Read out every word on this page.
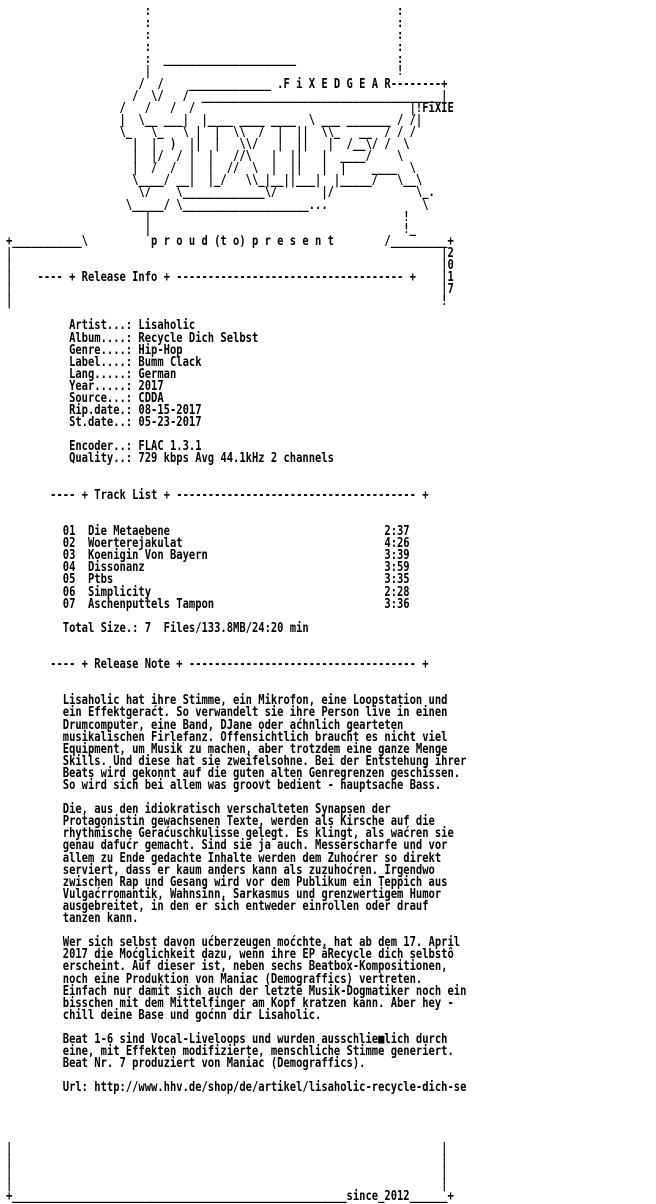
:                                       :
:                                       :
:                                       :
:                                       :
:  _____________________                :
|                                       !
/  /    _____________ .F i X E D G E A R--------+
/  \/   /  ______________________________________|
/   /   /  /                                  |!FiXIE
|  \__ ___|  |____ ____ ____  \ ___ _______ / /|
\_   \_   \ |  |  \\  /  |  ||  \\_   __  / / /
|  |  )  ||  |   \\/   |  ||   |  /__\/ /  \
|  |/  / |  |   //\   |  ||   |  ____/    \
|  /  /  |  |  //  \  |  ||   |  |    ____  \
\____/ __|  |_/   \\_|__||___|  |_____/   \__\
\/    \_____________\/       |/             \_.
\_____/ \____________________...               \
|                                        !
|                                        !_
+___________\          p r o u d (t o) p r e s e n t        /_________+
|                                                                    |2
|                                                                    |0
|    ---- + Release Info + ------------------------------------ +    |1
|                                                                    |7
|                                                                    !

Artist...: Lisaholic
Album....: Recycle Dich Selbst
Genre....: Hip-Hop
Label....: Bumm Clack
Lang.....: German
Year.....: 2017
Source...: CDDA
Rip.date.: 08-15-2017
St.date..: 05-23-2017

Encoder..: FLAC 1.3.1
Quality..: 729 kbps Avg 44.1kHz 2 channels

---- + Track List + -------------------------------------- +

01  Die Metaebene                                  2:37
02  Woerterejakulat                                4:26
03  Koenigin Von Bayern                            3:39
04  Dissonanz                                      3:59
05  Ptbs                                           3:35
06  Simplicity                                     2:28
07  Aschenputtels Tampon                           3:36

Total Size.: 7  Files/133.8MB/24:20 min

---- + Release Note + ------------------------------------ +

Lisaholic hat ihre Stimme, ein Mikrofon, eine Loopstation und
ein Effektgeraćt. So verwandelt sie ihre Person live in einen
Drumcomputer, eine Band, DJane oder aćhnlich gearteten
musikalischen Firlefanz. Offensichtlich braucht es nicht viel
Equipment, um Musik zu machen, aber trotzdem eine ganze Menge
Skills. Und diese hat sie zweifelsohne. Bei der Entstehung ihrer
Beats wird gekonnt auf die guten alten Genregrenzen geschissen.
So wird sich bei allem was groovt bedient - hauptsache Bass.

Die, aus den idiokratisch verschalteten Synapsen der
Protagonistin gewachsenen Texte, werden als Kirsche auf die
rhythmische Geraćuschkulisse gelegt. Es klingt, als waćren sie
genau dafućr gemacht. Sind sie ja auch. Messerscharfe und vor
allem zu Ende gedachte Inhalte werden dem Zuhoćrer so direkt
serviert, dass er kaum anders kann als zuzuhoćren. Irgendwo
zwischen Rap und Gesang wird vor dem Publikum ein Teppich aus
Vulgaćrromantik, Wahnsinn, Sarkasmus und grenzwertigem Humor
ausgebreitet, in den er sich entweder einrollen oder drauf
tanzen kann.

Wer sich selbst davon ućberzeugen moćchte, hat ab dem 17. April
2017 die Moćglichkeit dazu, wenn ihre EP ăRecycle dich selbstô
erscheint. Auf dieser ist, neben sechs Beatbox-Kompositionen,
noch eine Produktion von Maniac (Demograffics) vertreten.
Einfach nur damit sich auch der letzte Musik-Dogmatiker noch ein
bisschen mit dem Mittelfinger am Kopf kratzen kann. Aber hey -
chill deine Base und goćnn dir Lisaholic.

Beat 1-6 sind Vocal-Liveloops und wurden ausschlie■lich durch
eine, mit Effekten modifizierte, menschliche Stimme generiert.
Beat Nr. 7 produziert von Maniac (Demograffics).

Url: http://www.hhv.de/shop/de/artikel/lisaholic-recycle-dich-se

|                                                                    |
|                                                                    |
|                                                                    |
|                                                                    |
+_____________________________________________________since_2012______+
